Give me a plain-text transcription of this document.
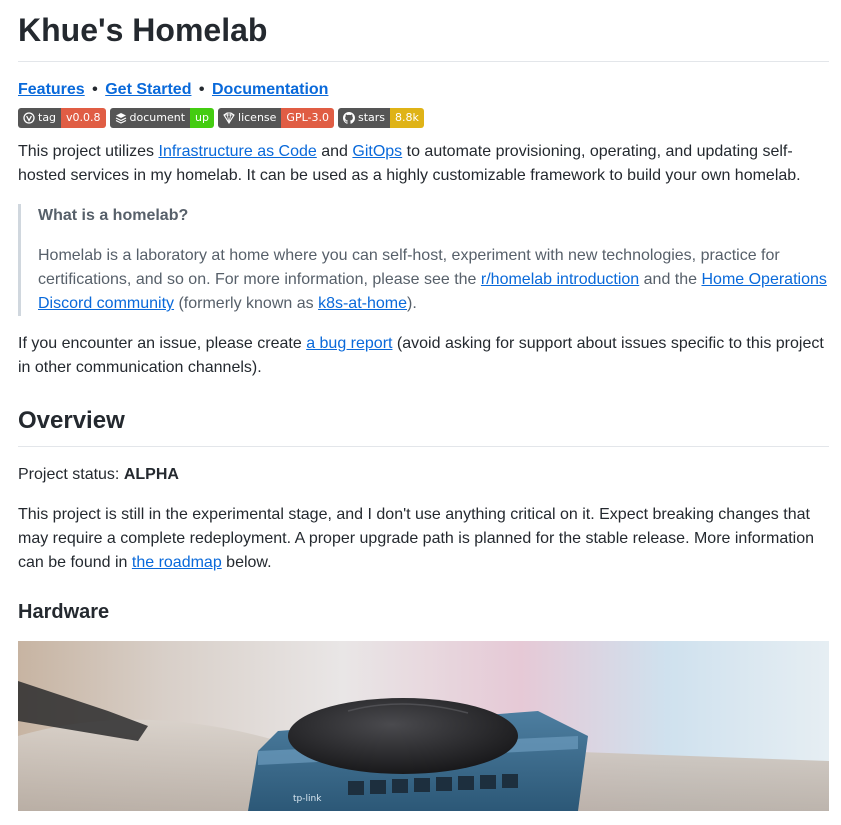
Khue's Homelab
Features • Get Started • Documentation
tag v0.0.8	document up	license GPL-3.0	stars 8.8k

This project utilizes Infrastructure as Code and GitOps to automate provisioning, operating, and updating self-hosted services in my homelab. It can be used as a highly customizable framework to build your own homelab.

What is a homelab?

Homelab is a laboratory at home where you can self-host, experiment with new technologies, practice for certifications, and so on. For more information, please see the r/homelab introduction and the Home Operations Discord community (formerly known as k8s-at-home).

If you encounter an issue, please create a bug report (avoid asking for support about issues specific to this project in other communication channels).

Overview

Project status: ALPHA

This project is still in the experimental stage, and I don't use anything critical on it. Expect breaking changes that may require a complete redeployment. A proper upgrade path is planned for the stable release. More information can be found in the roadmap below.

Hardware
tp-link
